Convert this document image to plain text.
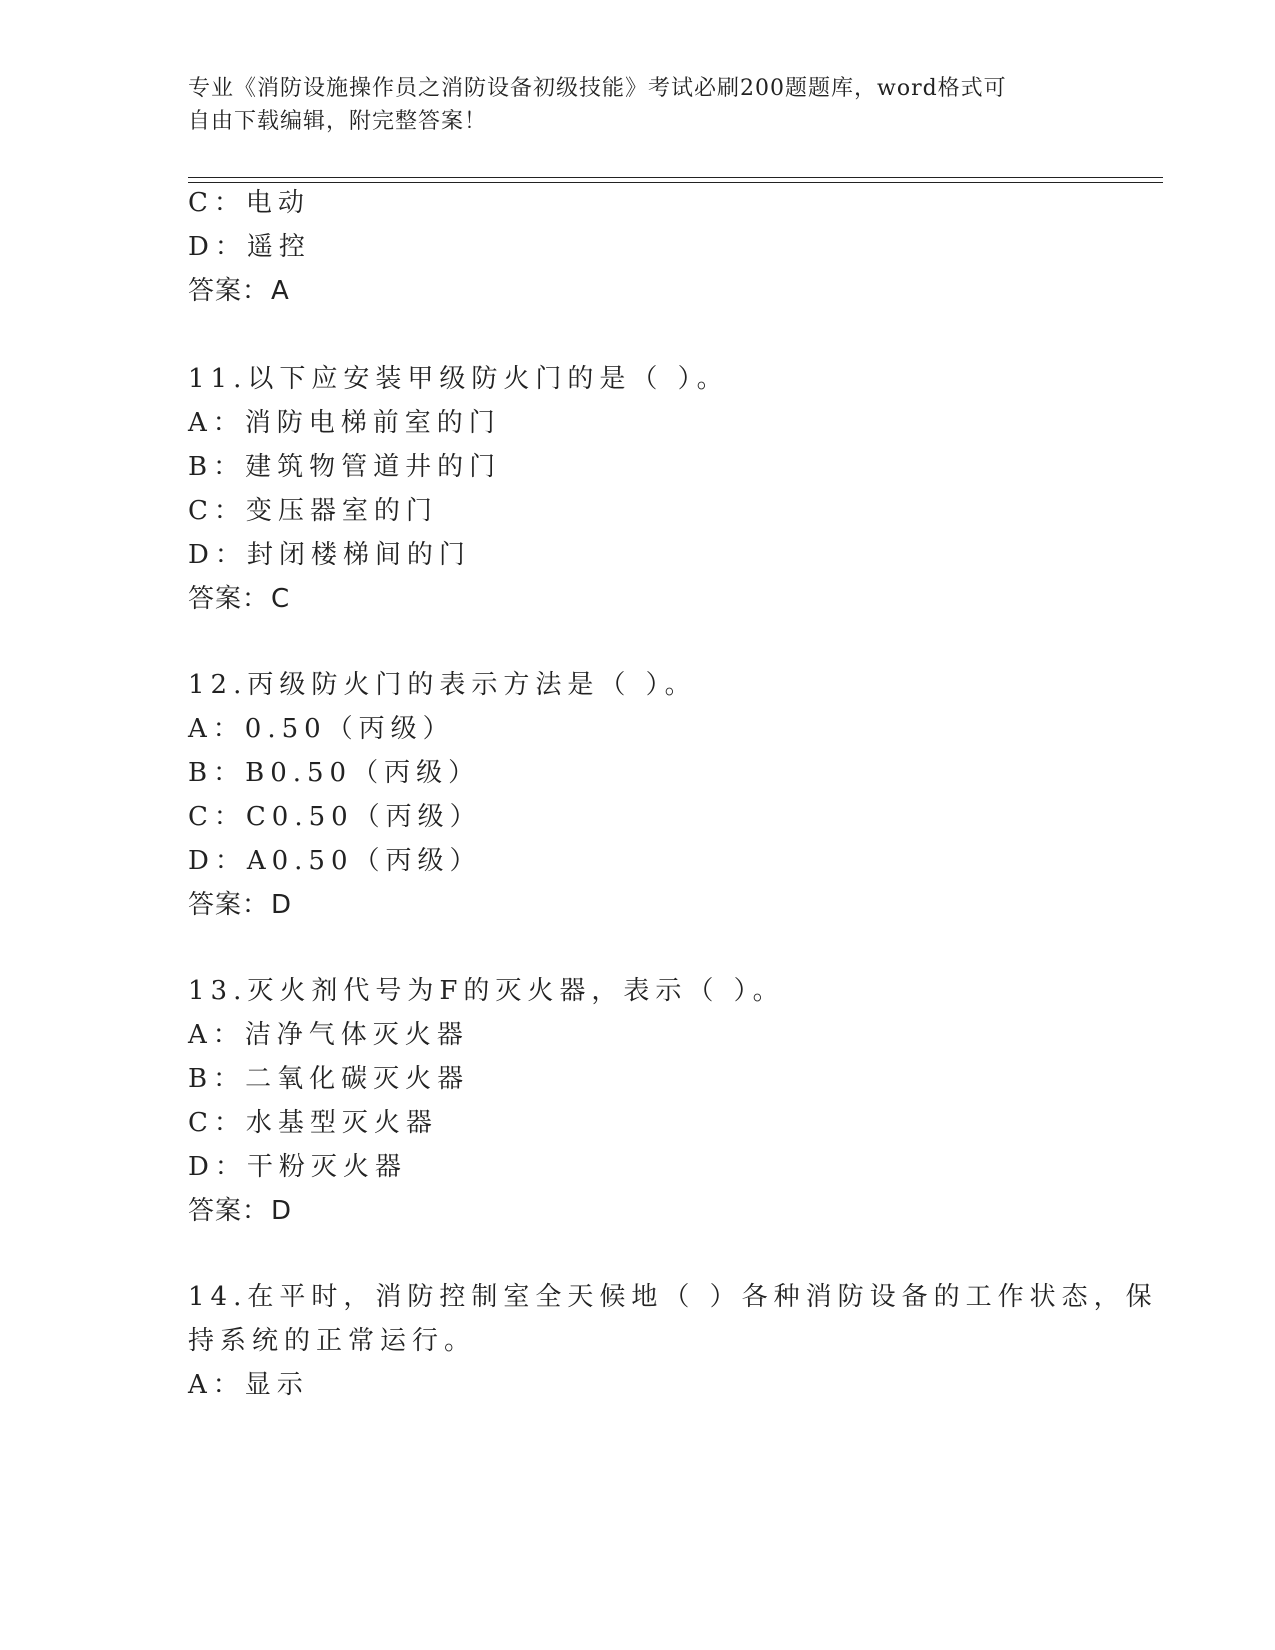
专业《消防设施操作员之消防设备初级技能》考试必刷200题题库，word格式可
自由下载编辑，附完整答案！
C：电动
D：遥控
答案：A
11.以下应安装甲级防火门的是（ ）。
A：消防电梯前室的门
B：建筑物管道井的门
C：变压器室的门
D：封闭楼梯间的门
答案：C
12.丙级防火门的表示方法是（ ）。
A：0.50（丙级）
B：B0.50（丙级）
C：C0.50（丙级）
D：A0.50（丙级）
答案：D
13.灭火剂代号为F的灭火器，表示（ ）。
A：洁净气体灭火器
B：二氧化碳灭火器
C：水基型灭火器
D：干粉灭火器
答案：D
14.在平时，消防控制室全天候地（ ）各种消防设备的工作状态，保
持系统的正常运行。
A：显示
